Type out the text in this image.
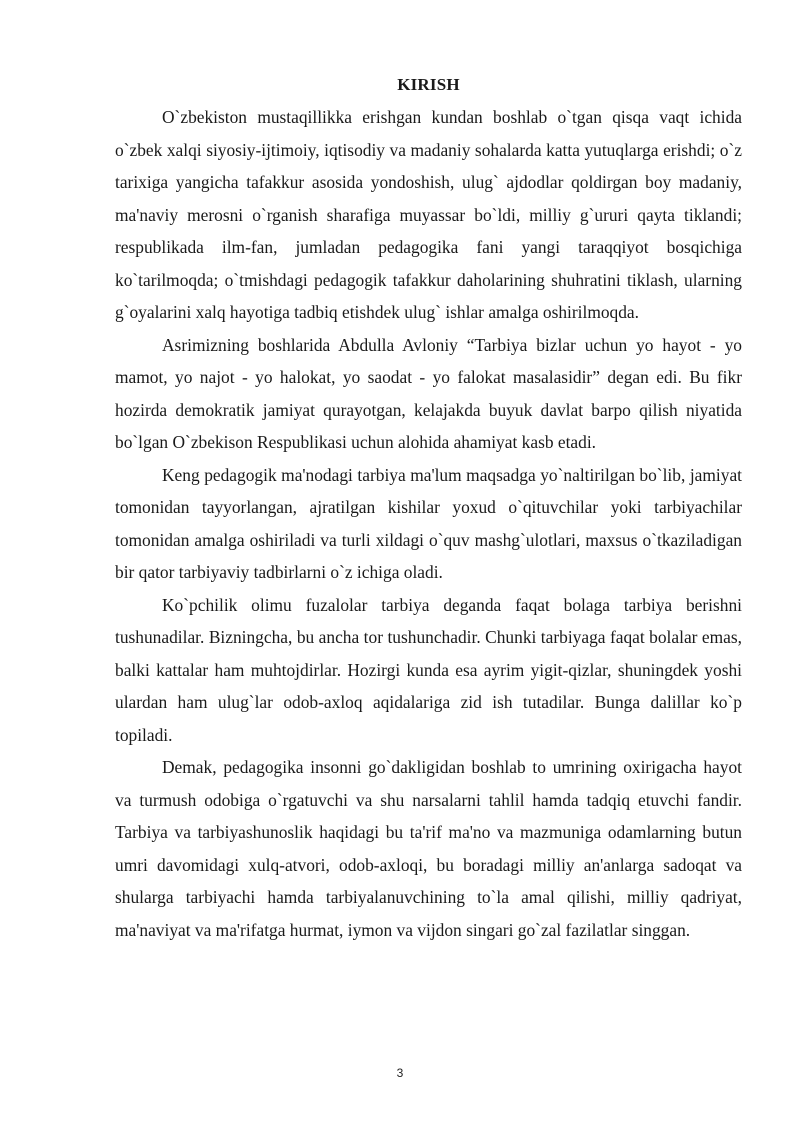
KIRISH

O`zbekiston mustaqillikka erishgan kundan boshlab o`tgan qisqa vaqt ichida o`zbek xalqi siyosiy-ijtimoiy, iqtisodiy va madaniy sohalarda katta yutuqlarga erishdi; o`z tarixiga yangicha tafakkur asosida yondoshish, ulug` ajdodlar qoldirgan boy madaniy, ma'naviy merosni o`rganish sharafiga muyassar bo`ldi, milliy g`ururi qayta tiklandi; respublikada ilm-fan, jumladan pedagogika fani yangi taraqqiyot bosqichiga ko`tarilmoqda; o`tmishdagi pedagogik tafakkur daholarining shuhratini tiklash, ularning g`oyalarini xalq hayotiga tadbiq etishdek ulug` ishlar amalga oshirilmoqda.

Asrimizning boshlarida Abdulla Avloniy “Tarbiya bizlar uchun yo hayot - yo mamot, yo najot - yo halokat, yo saodat - yo falokat masalasidir” degan edi. Bu fikr hozirda demokratik jamiyat qurayotgan, kelajakda buyuk davlat barpo qilish niyatida bo`lgan O`zbekison Respublikasi uchun alohida ahamiyat kasb etadi.

Keng pedagogik ma'nodagi tarbiya ma'lum maqsadga yo`naltirilgan bo`lib, jamiyat tomonidan tayyorlangan, ajratilgan kishilar yoxud o`qituvchilar yoki tarbiyachilar tomonidan amalga oshiriladi va turli xildagi o`quv mashg`ulotlari, maxsus o`tkaziladigan bir qator tarbiyaviy tadbirlarni o`z ichiga oladi.

Ko`pchilik olimu fuzalolar tarbiya deganda faqat bolaga tarbiya berishni tushunadilar. Bizningcha, bu ancha tor tushunchadir. Chunki tarbiyaga faqat bolalar emas, balki kattalar ham muhtojdirlar. Hozirgi kunda esa ayrim yigit-qizlar, shuningdek yoshi ulardan ham ulug`lar odob-axloq aqidalariga zid ish tutadilar. Bunga dalillar ko`p topiladi.

Demak, pedagogika insonni go`dakligidan boshlab to umrining oxirigacha hayot va turmush odobiga o`rgatuvchi va shu narsalarni tahlil hamda tadqiq etuvchi fandir. Tarbiya va tarbiyashunoslik haqidagi bu ta'rif ma'no va mazmuniga odamlarning butun umri davomidagi xulq-atvori, odob-axloqi, bu boradagi milliy an'anlarga sadoqat va shularga tarbiyachi hamda tarbiyalanuvchining to`la amal qilishi, milliy qadriyat, ma'naviyat va ma'rifatga hurmat, iymon va vijdon singari go`zal fazilatlar singgan.

3
